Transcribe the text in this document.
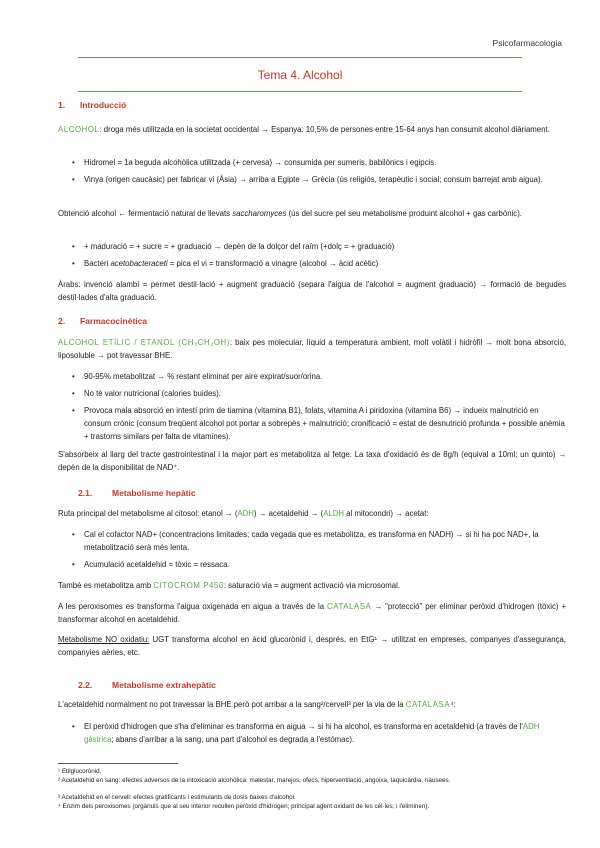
Psicofarmacologia
Tema 4. Alcohol
1. Introducció
ALCOHOL: droga més utilitzada en la societat occidental → Espanya: 10,5% de persones entre 15-64 anys han consumit alcohol diàriament.
• Hidromel = 1a beguda alcohòlica utilitzada (+ cervesa) → consumida per sumeris, babilònics i egipcis.
• Vinya (origen caucàsic) per fabricar vi (Àsia) → arriba a Egipte → Grècia (ús religiós, terapèutic i social; consum barrejat amb aigua).
Obtenció alcohol ← fermentació natural de llevats saccharomyces (ús del sucre pel seu metabolisme produint alcohol + gas carbònic).
• + maduració = + sucre = + graduació → depèn de la dolçor del raïm (+dolç = + graduació)
• Bacteri acetobacteraceti = pica el vi = transformació a vinagre (alcohol → àcid acètic)
Àrabs: invenció alambí = permet destil·lació + augment graduació (separa l'aigua de l'alcohol = augment graduació) → formació de begudes destil·lades d'alta graduació.
2. Farmacocinètica
ALCOHOL ETÍLIC / ETANOL (CH₃CH₂OH): baix pes molecular, líquid a temperatura ambient, molt volàtil i hidròfil → molt bona absorció, liposoluble → pot travessar BHE.
• 90-95% metabolitzat → % restant eliminat per aire expirat/suor/orina.
• No té valor nutricional (calories buides).
• Provoca mala absorció en intestí prim de tiamina (vitamina B1), folats, vitamina A i piridoxina (vitamina B6) → indueix malnutrició en consum crònic (consum freqüent alcohol pot portar a sobrepès + malnutrició; cronificació = estat de desnutrició profunda + possible anèmia + trastorns similars per falta de vitamines).
S'absorbeix al llarg del tracte gastrointestinal i la major part es metabolitza al fetge. La taxa d'oxidació és de 8g/h (equival a 10ml; un quinto) → depèn de la disponibilitat de NAD⁺.
2.1. Metabolisme hepàtic
Ruta principal del metabolisme al citosol: etanol → (ADH) → acetaldehid → (ALDH al mitocondri) → acetat:
• Cal el cofactor NAD+ (concentracions limitades; cada vegada que es metabolitza, es transforma en NADH) → si hi ha poc NAD+, la metabolització serà més lenta.
• Acumulació acetaldehid = tòxic = ressaca.
També es metabolitza amb CITOCROM P450: saturació via = augment activació via microsomal.
A les peroxisomes es transforma l'aigua oxigenada en aigua a través de la CATALASA → "protecció" per eliminar peròxid d'hidrogen (tòxic) + transformar alcohol en acetaldehid.
Metabolisme NO oxidatiu: UGT transforma alcohol en àcid glucorònid i, després, en EtG¹ → utilitzat en empreses, companyes d'assegurança, companyies aèries, etc.
2.2. Metabolisme extrahepàtic
L'acetaldehid normalment no pot travessar la BHE però pot arribar a la sang²/cervell³ per la via de la CATALASA⁴:
• El peròxid d'hidrogen que s'ha d'eliminar es transforma en aigua → si hi ha alcohol, es transforma en acetaldehid (a través de l'ADH gàstrica; abans d'arribar a la sang, una part d'alcohol es degrada a l'estómac).
¹ Etilglucorònid.
² Acetaldehid en sang: efectes adversos de la intoxicació alcohòlica: malestar, marejos, ofecs, hiperventilació, angoixa, taquicàrdia, nàusees.
³ Acetaldehid en el cervell: efectes gratificants i estimulants de dosis baixes d'alcohol.
⁴ Enzim dels peroxisomes (orgànuls que al seu interior recullen peròxid d'hidrogen; principal agent oxidant de les cèl·les; i l'eliminen).
